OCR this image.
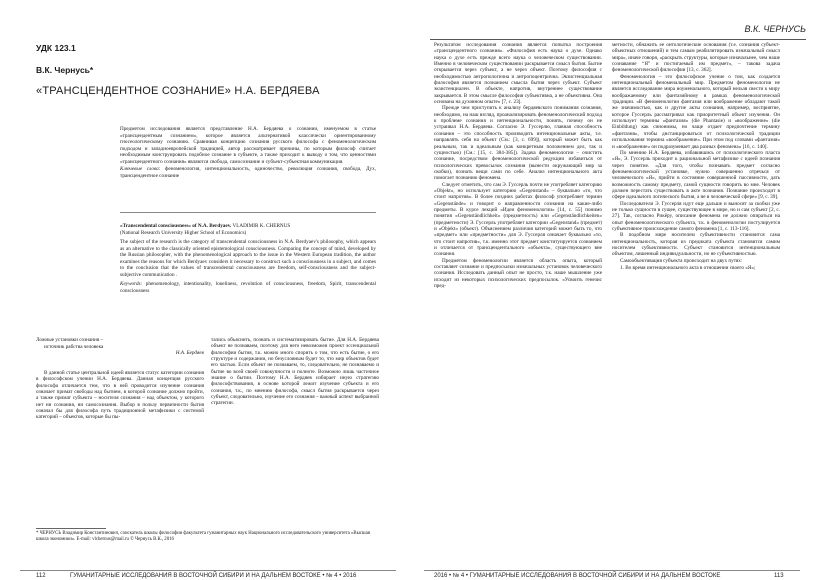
УДК 123.1
В.К. Чернусь*
«ТРАНСЦЕНДЕНТНОЕ СОЗНАНИЕ» Н.А. БЕРДЯЕВА

Предметом исследования является представление Н.А. Бердяева о сознании, именуемом в статье «трансцендентным сознанием», которое является альтернативой классически ориентированному гносеологическому сознанию. Сравнивая концепцию сознания русского философа с феноменологическим подходом и западноевропейской традицией, автор рассматривает причины, по которым философ считает необходимым конструировать подобное сознание в субъекте, а также приходит к выводу о том, что ценностями «трансцендентного сознания» являются свобода, самосознание и субъект-субъектная коммуникация.

Ключевые слова: феноменология, интенциональность, одиночество, революция сознания, свобода, Дух, трансцендентное сознание

«Transcendental consciousness» of N.A. Berdyaev. VLADIMIR K. CHERNUS

(National Research University Higher School of Economics)

The subject of the research is the category of transcendental consciousness in N.A. Berdyaev's philosophy, which appears as an alternative to the classically oriented epistemological consciousness. Comparing the concept of mind, developed by the Russian philosopher, with the phenomenological approach to the issue in the Western European tradition, the author examines the reasons for which Berdyaev considers it necessary to construct such a consciousness in a subject, and comes to the conclusion that the values of transcendental consciousness are freedom, self-consciousness and the subject-subjective communication .

Keywords: phenomenology, intentionality, loneliness, revolution of consciousness, freedom, Spirit, transcendental consciousness

Ложные установки сознания –
источник рабства человека
Н.А. Бердяев

В данной статье центральной идеей является статус категории сознания в философском учении Н.А. Бердяева. Данная концепция русского философа отличается тем, что в ней проводится изучение сознания означает примат свободы над бытием, в которой сознание должно пройти, а также примат субъекта – носителя сознания – над объектом, у которого нет ни сознания, ни самосознания. Выбор в пользу первичности бытия означал бы для философа путь традиционной метафизики с системой категорий – объектов, которые бы пы-

тались объяснить, познать и систематизировать бытие. Для Н.А. Бердяева объект не познаваем, поэтому для него невозможен проект эссенциальной философии бытия, т.к. можно много спорить о том, что есть бытие, о его структуре и содержании, но безусловным будет то, что мир объектов будет его частью. Если объект не познаваем, то, следовательно, не познаваемо и бытие во всей своей совокупности и полноте. Возможно лишь частичное знание о бытии. Поэтому Н.А. Бердяев избирает иную стратегию философствования, в основе которой лежит изучение субъекта и его сознания, т.к., по мнению философа, смысл бытия раскрывается через субъект, следовательно, изучение его сознания – важный аспект выбранной стратегии.

* ЧЕРНУСЬ Владимир Константинович, соискатель школы философии факультета гуманитарных наук Национального исследовательского университета «Высшая школа экономики». E-mail: vlchernus@mail.ru © Чернусь В.К., 2016
112	ГУМАНИТАРНЫЕ ИССЛЕДОВАНИЯ В ВОСТОЧНОЙ СИБИРИ И НА ДАЛЬНЕМ ВОСТОКЕ • № 4 • 2016
В.К. ЧЕРНУСЬ

Результатом исследования сознания является попытка построения «трансцендентного сознания». «Философия есть наука о духе. Однако наука о духе есть прежде всего наука о человеческом существовании. Именно в человеческом существовании раскрывается смысл бытия. Бытие открывается через субъект, а не через объект. Поэтому философия с необходимостью антропологична и антропоцентрична. Экзистенциальная философия является познанием смысла бытия через субъект. Субъект экзистенциален. В объекте, напротив, внутреннее существование закрывается. В этом смысле философия субъективна, а не объективна. Она основана на духовном опыте» [7, с. 23].

Прежде чем приступить к анализу бердяевского понимания сознания, необходимо, на наш взгляд, проанализировать феноменологический подход к проблеме сознания и интенциональности, понять, почему он не устраивал Н.А. Бердяева. Согласно Э. Гуссерлю, главная способность сознания – это способность производить интенциональные акты, т.е. направлять себя на объект (См.: [3, с. 699]), который может быть как реальным, так и идеальным (как конкретным положением дел, так и сущностью) (См.: [15, с. 384-385]). Задача феноменологии – очистить сознание, посредством феноменологической редукции избавиться от психологических превосылок сознания (вынести окружающий мир за скобки), познать вещи сами по себе. Анализ интенционального акта помогает познанию феномена.

Следует отметить, что сам Э. Гуссерль почти не употребляет категорию «Objekt», но использует категорию «Gegenstand» – буквально «то, что стоит напротив». В более поздних работах философ употребляет термин «Gegenstände» и говорит о направленности сознания на какие-либо предметы. В курсе лекций «Идеи феноменологии» [14, с. 55] понимо понятия «Gegenständlichkeit» (предметность) или «Gegenständlichkeiten» (предметности) Э. Гуссерль употребляет категории «Gegenstand» (предмет) и «Objekt» (объект). Объяснением различия категорий может быть то, что «предмет» или «предметности» для Э. Гуссерля означает буквально «то, что стоит напротив», т.к. именно этот предмет конституируется сознанием и отличается от трансцендентального «объекта», существующего вне сознания.

Предметом феноменологии является область опыта, который составляет сознание и предпосылки изначальных установок человеческого сознания. Исследовать данный опыт не просто, т.к. наше мышление уже исходит из некоторых психологических предпосылок. «Усвоить генезис пред-

метности, обнажить ее онтологические основания (т.е. сознания субъект-объектных отношений) и тем самым реабилитировать изначальный смысл мира», иначе говоря, «раскрыть структуры, которые изначальнее, чем наше сознавание “Я” и постигаемый им предмет», – такова задача феноменологической философии [13, с. 362].

Феноменология – это философское учение о том, как создается интенциональный феноменальный мир. Предметом феноменологии не является исследование мира ноуменального, который нельзя свести к миру воображаемому или фантазийному в рамках феноменологической традиции. «В феноменологии фантазия или воображение обладают такой же значимостью, как и другие акты сознания, например, восприятие, которое Гуссерль рассматривал как приоритетный объект изучения. Он использует термины «фантазия» (die Phantasie) и «воображение» (die Einbildung) как синонимы, но чаще отдает предпочтение термину «фантазия», чтобы дистанцироваться от психологической традиции использования термина «воображение». При этом под словами «фантазия» и «воображение» он подразумевает два разных феномена» [16, с. 140].

По мнению Н.А. Бердяева, избавившись от психологического пласта «Я», Э. Гуссерль приходит к рациональной метафизике с идеей познания через понятие. «Для того, чтобы познавать предмет согласно феноменологической установке, нужно совершенно отречься от человеческого «Я», прийти в состояние совершенной пассивности, дать возможность самому предмету, самой сущности говорить во мне. Человек должен перестать существовать в акте познания. Познание происходит в сфере идеального логического бытия, а не в человеческой сфере» [9, с. 39].

Последователи Э. Гуссерля идут еще дальше и выносят за скобки уже не только сущности в сущее, существующее в мире, но и сам субъект [2, с. 27]. Так, согласно Рикёру, описание феномена не должно опираться на опыт феноменологического субъекта, т.к. в феноменологии постулируется субъективное происхождение самого феномена [1, с. 113-116].

В подобном мире носителем субъективности становится сама интенциональность, которая из предиката субъекта становится самим носителем субъективности. Субъект становится интенциональным объектом, лишенный индивидуальности, но не субъективностью.

Самообъективация субъекта происходит на двух путях:

1. Во время интенционального акта в отношении своего «Я»;

2016 • № 4 • ГУМАНИТАРНЫЕ ИССЛЕДОВАНИЯ В ВОСТОЧНОЙ СИБИРИ И НА ДАЛЬНЕМ ВОСТОКЕ	113
